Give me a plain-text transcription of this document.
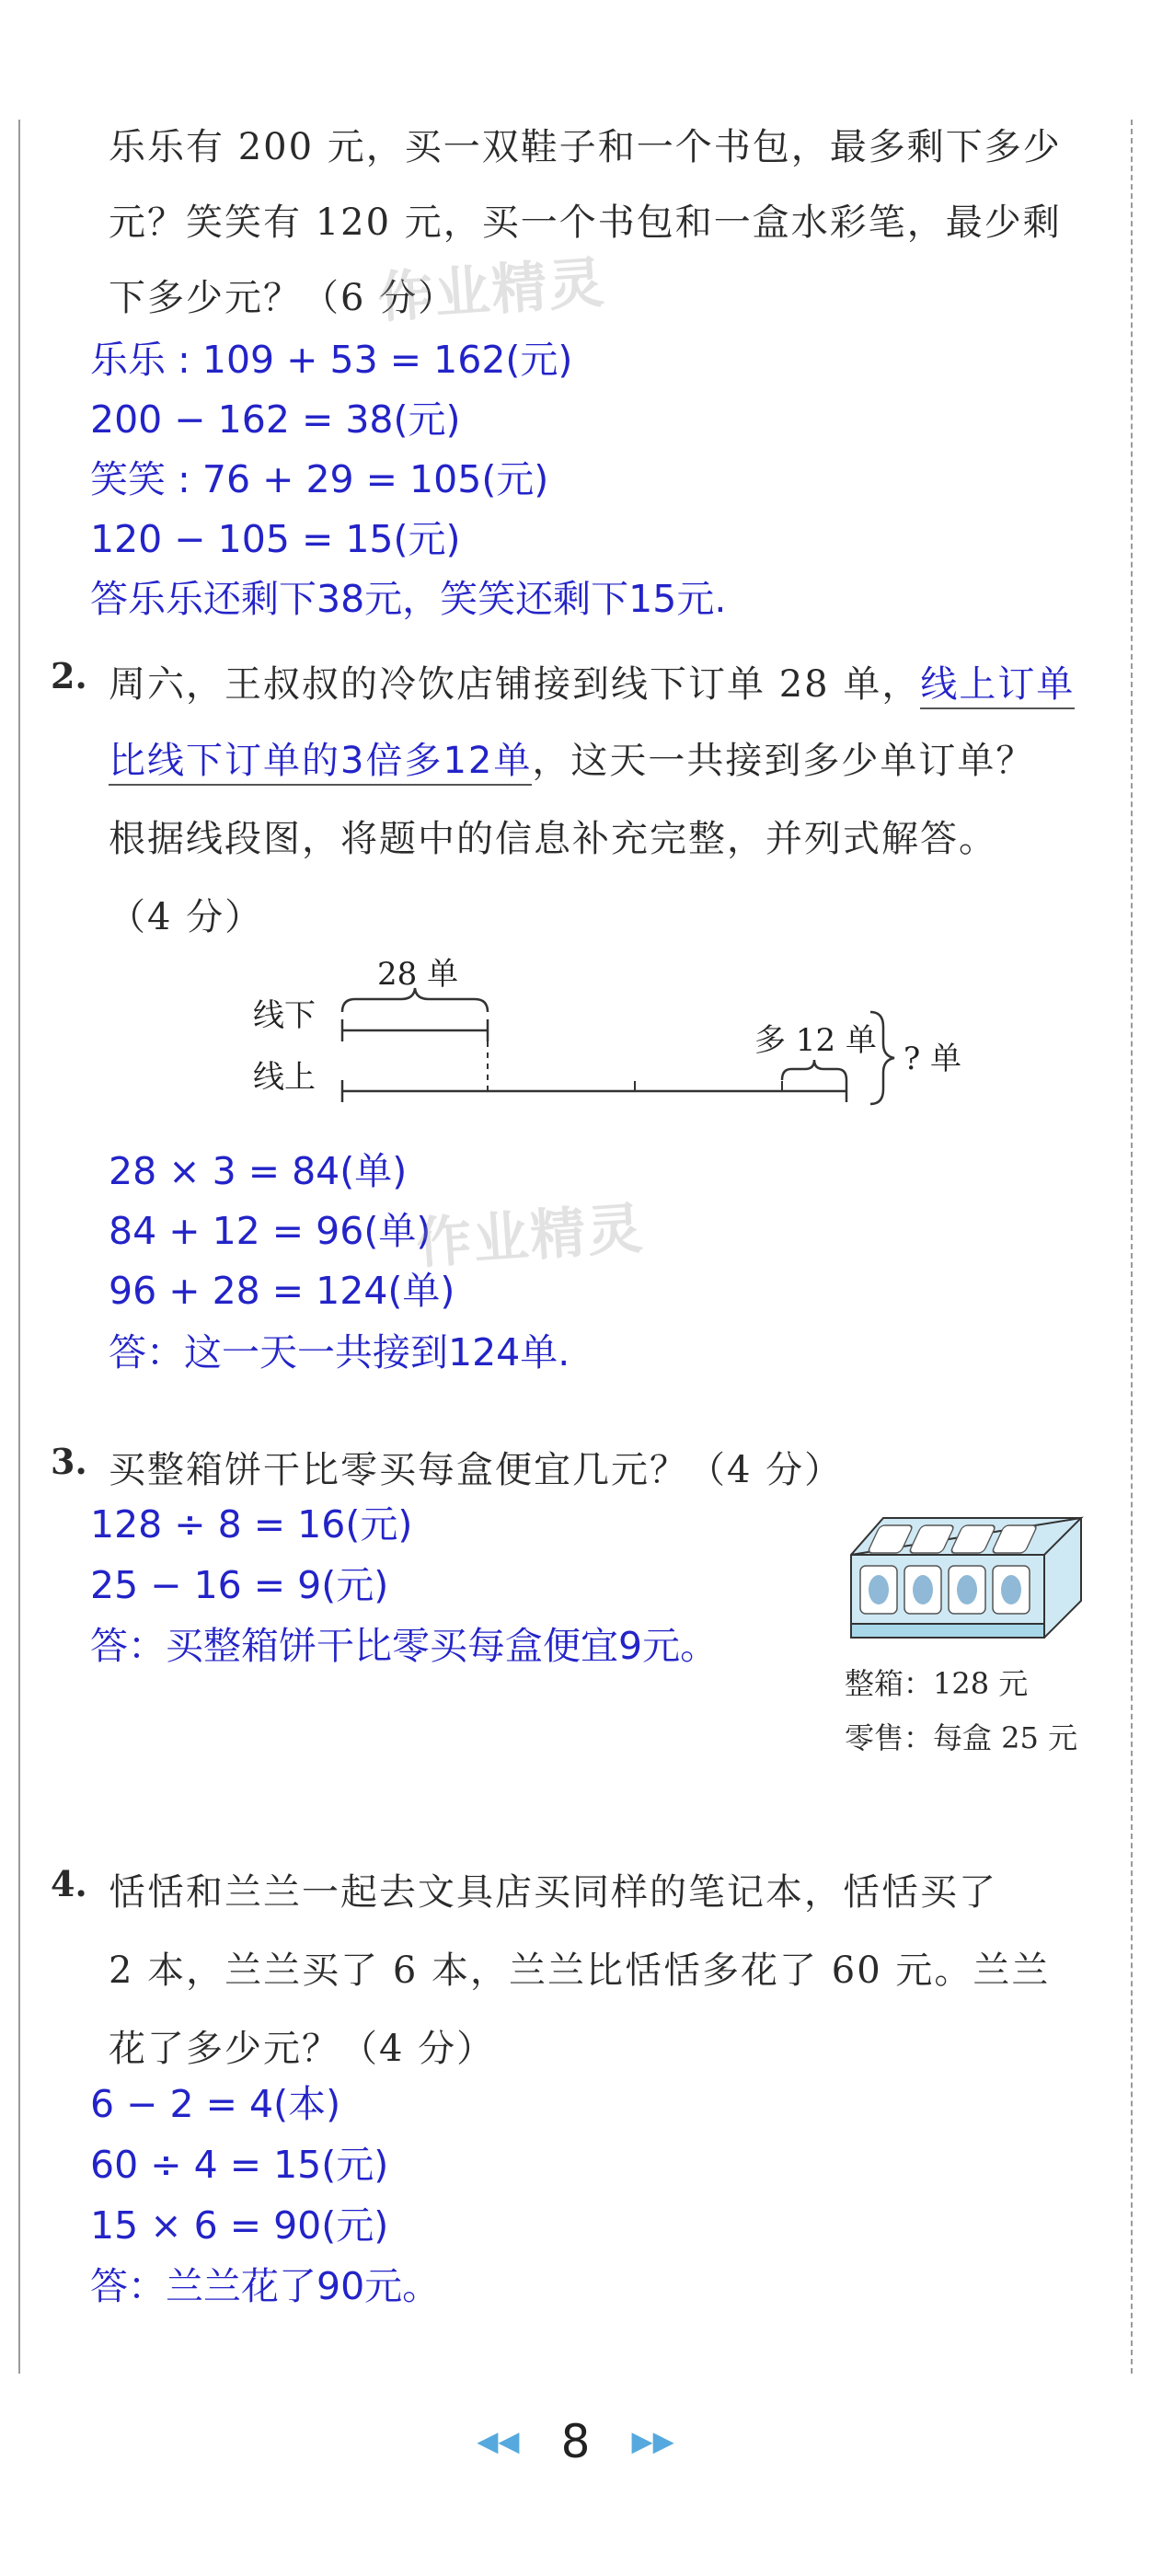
乐乐有 200 元，买一双鞋子和一个书包，最多剩下多少
元？笑笑有 120 元，买一个书包和一盒水彩笔，最少剩
下多少元？（6 分）
作业精灵
乐乐 : 109 + 53 = 162(元)
200 − 162 = 38(元)
笑笑 : 76 + 29 = 105(元)
120 − 105 = 15(元)
答乐乐还剩下38元，笑笑还剩下15元.
2. 周六，王叔叔的冷饮店铺接到线下订单 28 单，线上订单
比线下订单的3倍多12单，这天一共接到多少单订单？
根据线段图，将题中的信息补充完整，并列式解答。
（4 分）
线下
线上
28 单
多 12 单 ? 单
28 × 3 = 84(单)
84 + 12 = 96(单)
作业精灵
96 + 28 = 124(单)
答：这一天一共接到124单.
3. 买整箱饼干比零买每盒便宜几元？（4 分）
128 ÷ 8 = 16(元)
25 − 16 = 9(元)
答：买整箱饼干比零买每盒便宜9元。
整箱：128 元
零售：每盒 25 元
4. 恬恬和兰兰一起去文具店买同样的笔记本，恬恬买了
2 本，兰兰买了 6 本，兰兰比恬恬多花了 60 元。兰兰
花了多少元？（4 分）
6 − 2 = 4(本)
60 ÷ 4 = 15(元)
15 × 6 = 90(元)
答：兰兰花了90元。
◀◀ 8 ▶▶
